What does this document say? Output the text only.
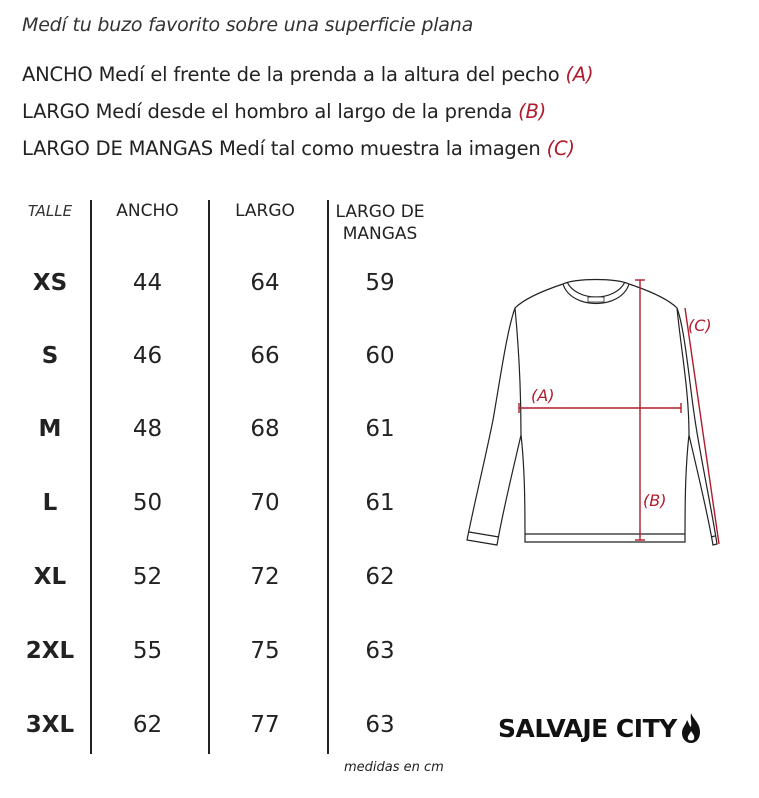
Medí tu buzo favorito sobre una superficie plana
ANCHO Medí el frente de la prenda a la altura del pecho (A)
LARGO Medí desde el hombro al largo de la prenda (B)
LARGO DE MANGAS Medí tal como muestra la imagen (C)
TALLE	ANCHO	LARGO	LARGO DE
MANGAS
XS	44	64	59
S	46	66	60
M	48	68	61
L	50	70	61
XL	52	72	62
2XL	55	75	63
3XL	62	77	63
medidas en cm
(A)
(B)
(C)
SALVAJE CITY
